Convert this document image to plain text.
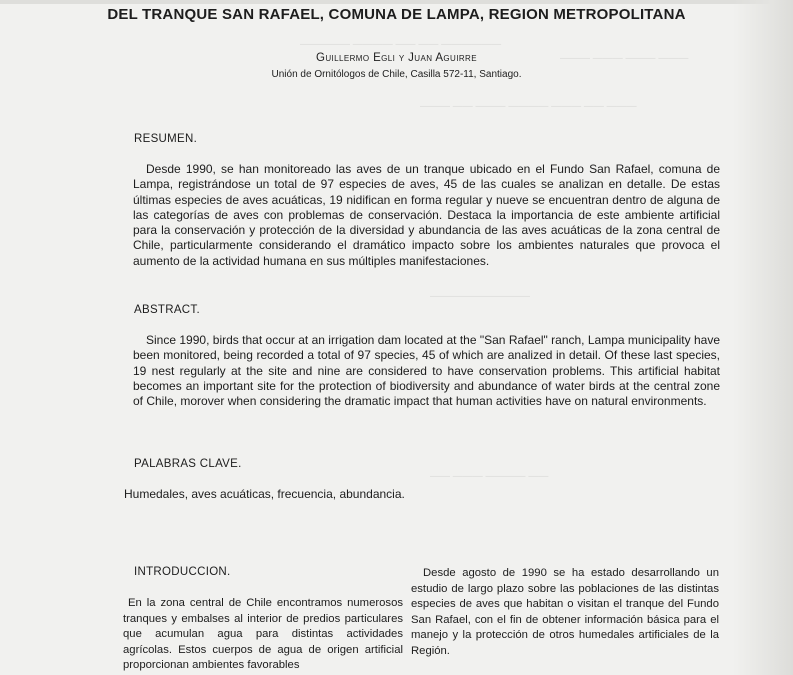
————— ———— —— —— ——————
——— ——— ——— ———
——— —— ——— ———— ——— —— ———
——————————
—— ——— ———— ——
DEL TRANQUE SAN RAFAEL, COMUNA DE LAMPA, REGION METROPOLITANA
Guillermo Egli y Juan Aguirre
Unión de Ornitólogos de Chile, Casilla 572-11, Santiago.
RESUMEN.
Desde 1990, se han monitoreado las aves de un tranque ubicado en el Fundo San Rafael, comuna de Lampa, registrándose un total de 97 especies de aves, 45 de las cuales se analizan en detalle. De estas últimas especies de aves acuáticas, 19 nidifican en forma regular y nueve se encuentran dentro de alguna de las categorías de aves con problemas de conservación. Destaca la importancia de este ambiente artificial para la conservación y protección de la diversidad y abundancia de las aves acuáticas de la zona central de Chile, particularmente considerando el dramático impacto sobre los ambientes naturales que provoca el aumento de la actividad humana en sus múltiples manifestaciones.
ABSTRACT.
Since 1990, birds that occur at an irrigation dam located at the "San Rafael" ranch, Lampa municipality have been monitored, being recorded a total of 97 species, 45 of which are analized in detail. Of these last species, 19 nest regularly at the site and nine are considered to have conservation problems. This artificial habitat becomes an important site for the protection of biodiversity and abundance of water birds at the central zone of Chile, morover when considering the dramatic impact that human activities have on natural environments.
PALABRAS CLAVE.
Humedales, aves acuáticas, frecuencia, abundancia.
INTRODUCCION.
En la zona central de Chile encontramos numerosos tranques y embalses al interior de predios particulares que acumulan agua para distintas actividades agrícolas. Estos cuerpos de agua de origen artificial proporcionan ambientes favorables
Desde agosto de 1990 se ha estado desarrollando un estudio de largo plazo sobre las poblaciones de las distintas especies de aves que habitan o visitan el tranque del Fundo San Rafael, con el fin de obtener información básica para el manejo y la protección de otros humedales artificiales de la Región.
